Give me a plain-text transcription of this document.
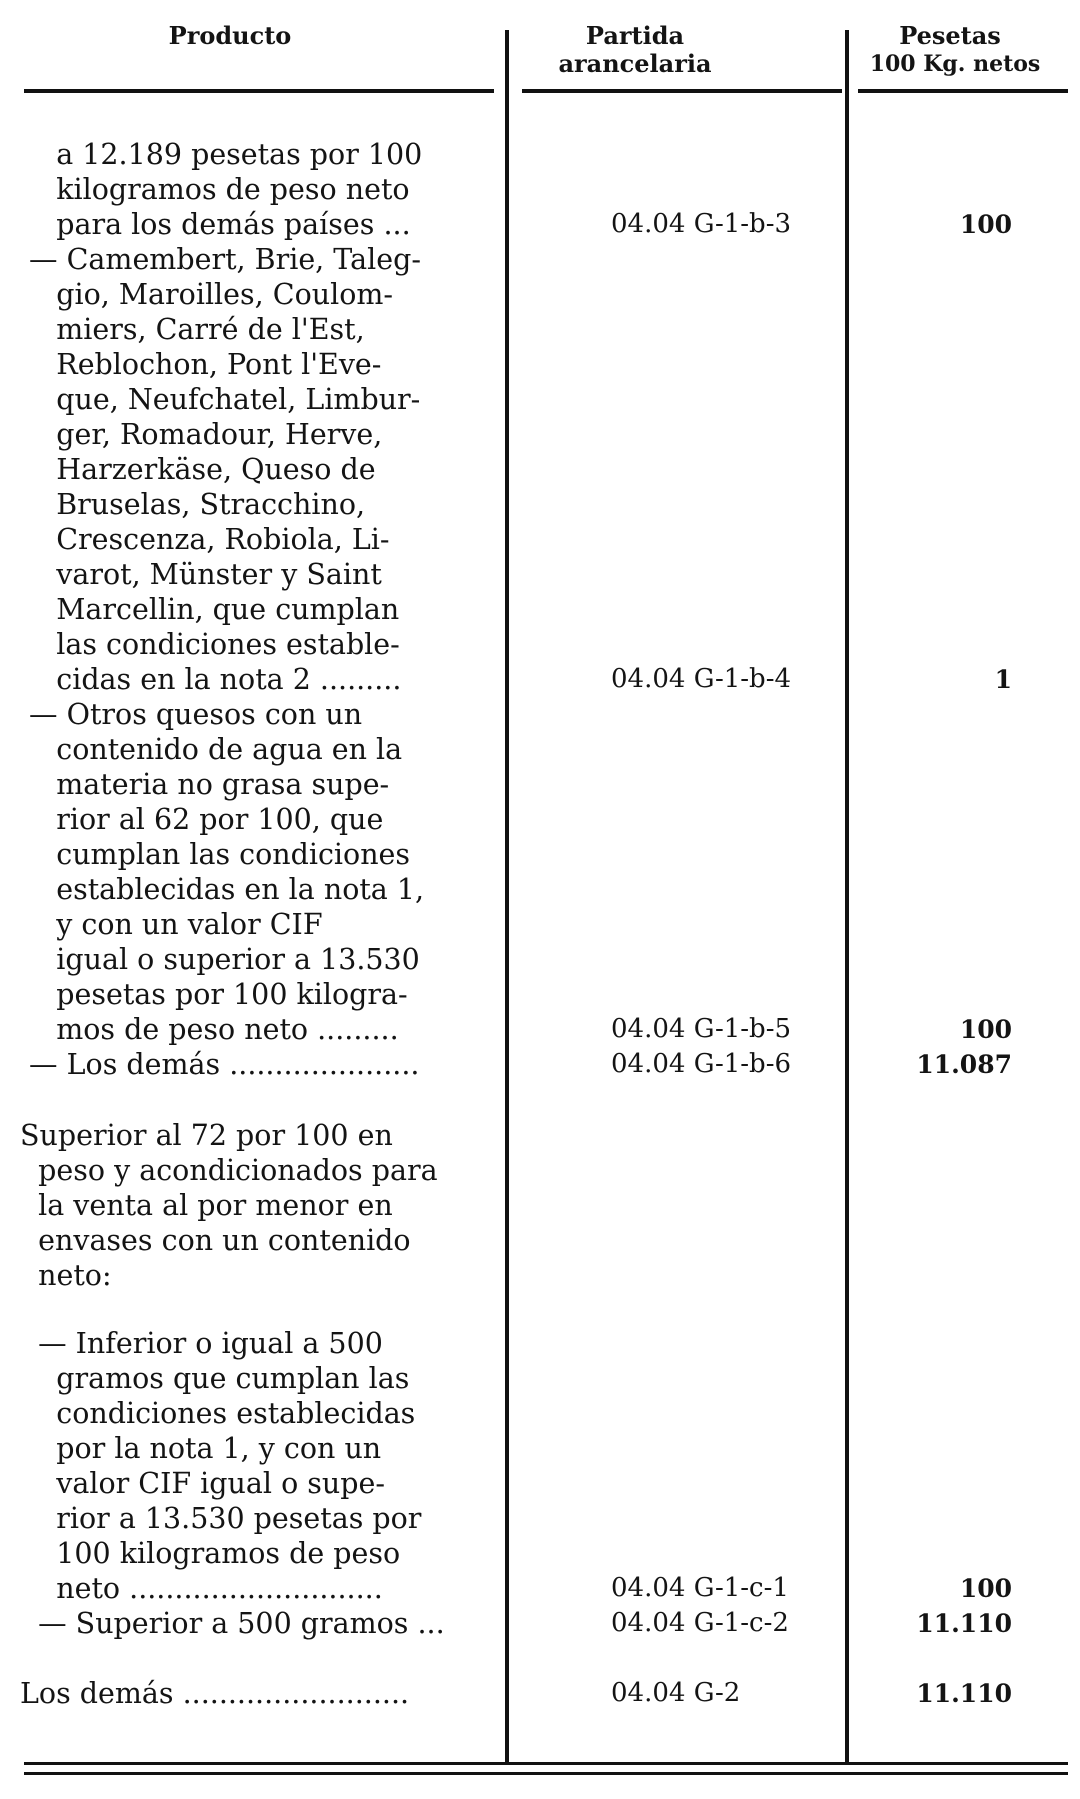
Producto	Partida arancelaria
Pesetas
100 Kg. netos
a 12.189 pesetas por 100
kilogramos de peso neto
para los demás países ...
— Camembert, Brie, Taleg-
gio, Maroilles, Coulom-
miers, Carré de l'Est,
Reblochon, Pont l'Eve-
que, Neufchatel, Limbur-
ger, Romadour, Herve,
Harzerkäse, Queso de
Bruselas, Stracchino,
Crescenza, Robiola, Li-
varot, Münster y Saint
Marcellin, que cumplan
las condiciones estable-
cidas en la nota 2 .........
— Otros quesos con un
contenido de agua en la
materia no grasa supe-
rior al 62 por 100, que
cumplan las condiciones
establecidas en la nota 1,
y con un valor CIF
igual o superior a 13.530
pesetas por 100 kilogra-
mos de peso neto .........
— Los demás .....................
Superior al 72 por 100 en
peso y acondicionados para
la venta al por menor en
envases con un contenido
neto:
— Inferior o igual a 500
gramos que cumplan las
condiciones establecidas
por la nota 1, y con un
valor CIF igual o supe-
rior a 13.530 pesetas por
100 kilogramos de peso
neto ............................
— Superior a 500 gramos ...
Los demás .........................
04.04 G-1-b-3
04.04 G-1-b-4
04.04 G-1-b-5
04.04 G-1-b-6
04.04 G-1-c-1
04.04 G-1-c-2
04.04 G-2
100
1
100
11.087
100
11.110
11.110
